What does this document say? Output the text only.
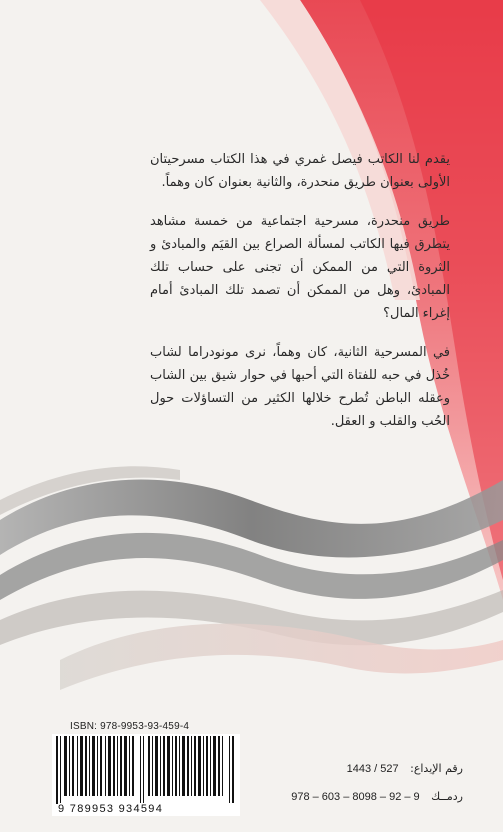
يقدم لنا الكاتب فيصل غمري في هذا الكتاب مسرحيتان الأولى بعنوان طريق منحدرة، والثانية بعنوان كان وهماً.

طريق منحدرة، مسرحية اجتماعية من خمسة مشاهد يتطرق فيها الكاتب لمسألة الصراع بين القيَم والمبادئ و الثروة التي من الممكن أن تجنى على حساب تلك المبادئ، وهل من الممكن أن تصمد تلك المبادئ أمام إغراء المال؟

في المسرحية الثانية، كان وهماً، نرى مونودراما لشاب خُذل في حبه للفتاة التي أحبها في حوار شيق بين الشاب وعقله الباطن تُطرح خلالها الكثير من التساؤلات حول الحُب والقلب و العقل.

ISBN: 978-9953-93-459-4
9 789953 934594
رقم الإيداع: 1443 / 527
ردمــك 978 – 603 – 8098 – 92 – 9
